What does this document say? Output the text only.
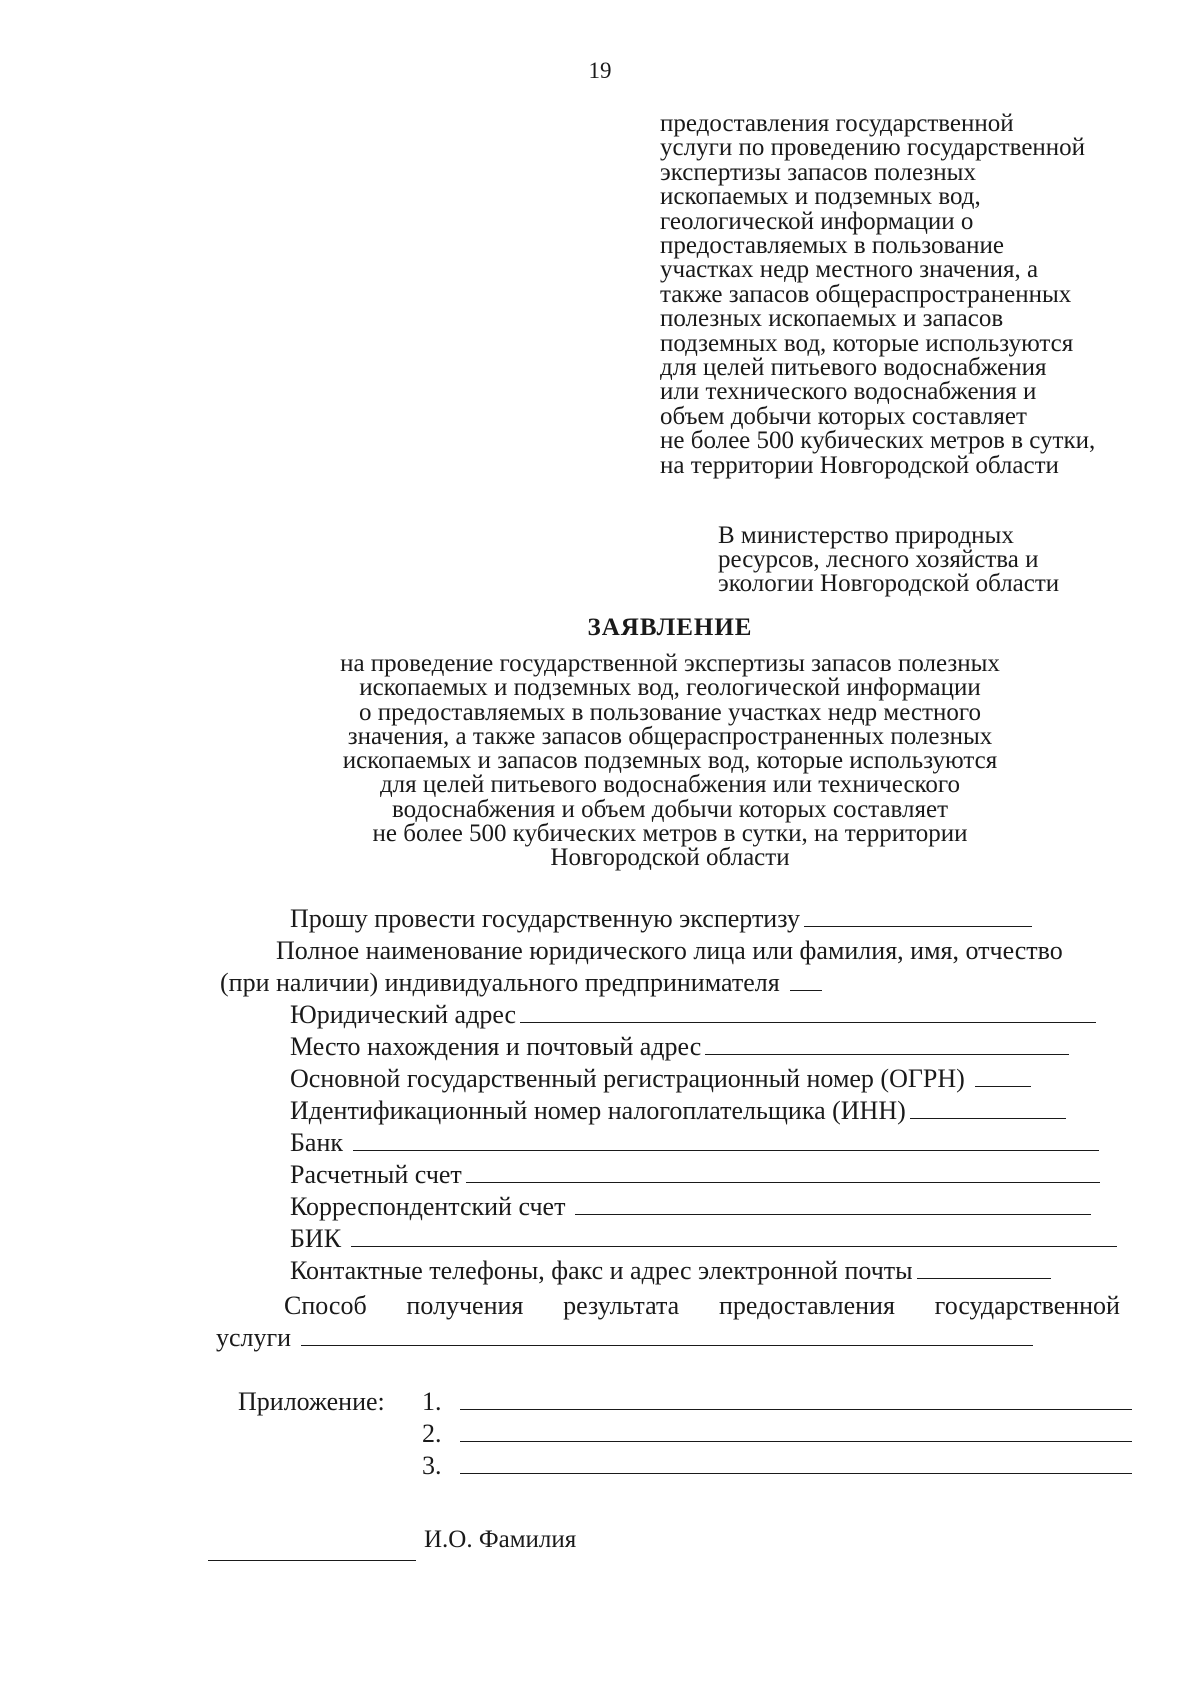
19
предоставления государственной
услуги по проведению государственной
экспертизы запасов полезных
ископаемых и подземных вод,
геологической информации о
предоставляемых в пользование
участках недр местного значения, а
также запасов общераспространенных
полезных ископаемых и запасов
подземных вод, которые используются
для целей питьевого водоснабжения
или технического водоснабжения и
объем добычи которых составляет
не более 500 кубических метров в сутки,
на территории Новгородской области
В министерство природных
ресурсов, лесного хозяйства и
экологии Новгородской области
ЗАЯВЛЕНИЕ
на проведение государственной экспертизы запасов полезных
ископаемых и подземных вод, геологической информации
о предоставляемых в пользование участках недр местного
значения, а также запасов общераспространенных полезных
ископаемых и запасов подземных вод, которые используются
для целей питьевого водоснабжения или технического
водоснабжения и объем добычи которых составляет
не более 500 кубических метров в сутки, на территории
Новгородской области
Прошу провести государственную экспертизу
Полное наименование юридического лица или фамилия, имя, отчество
(при наличии) индивидуального предпринимателя
Юридический адрес
Место нахождения и почтовый адрес
Основной государственный регистрационный номер (ОГРН)
Идентификационный номер налогоплательщика (ИНН)
Банк
Расчетный счет
Корреспондентский счет
БИК
Контактные телефоны, факс и адрес электронной почты
Способ получения результата предоставления государственной
услуги
Приложение: 1.
2.
3.
И.О. Фамилия
